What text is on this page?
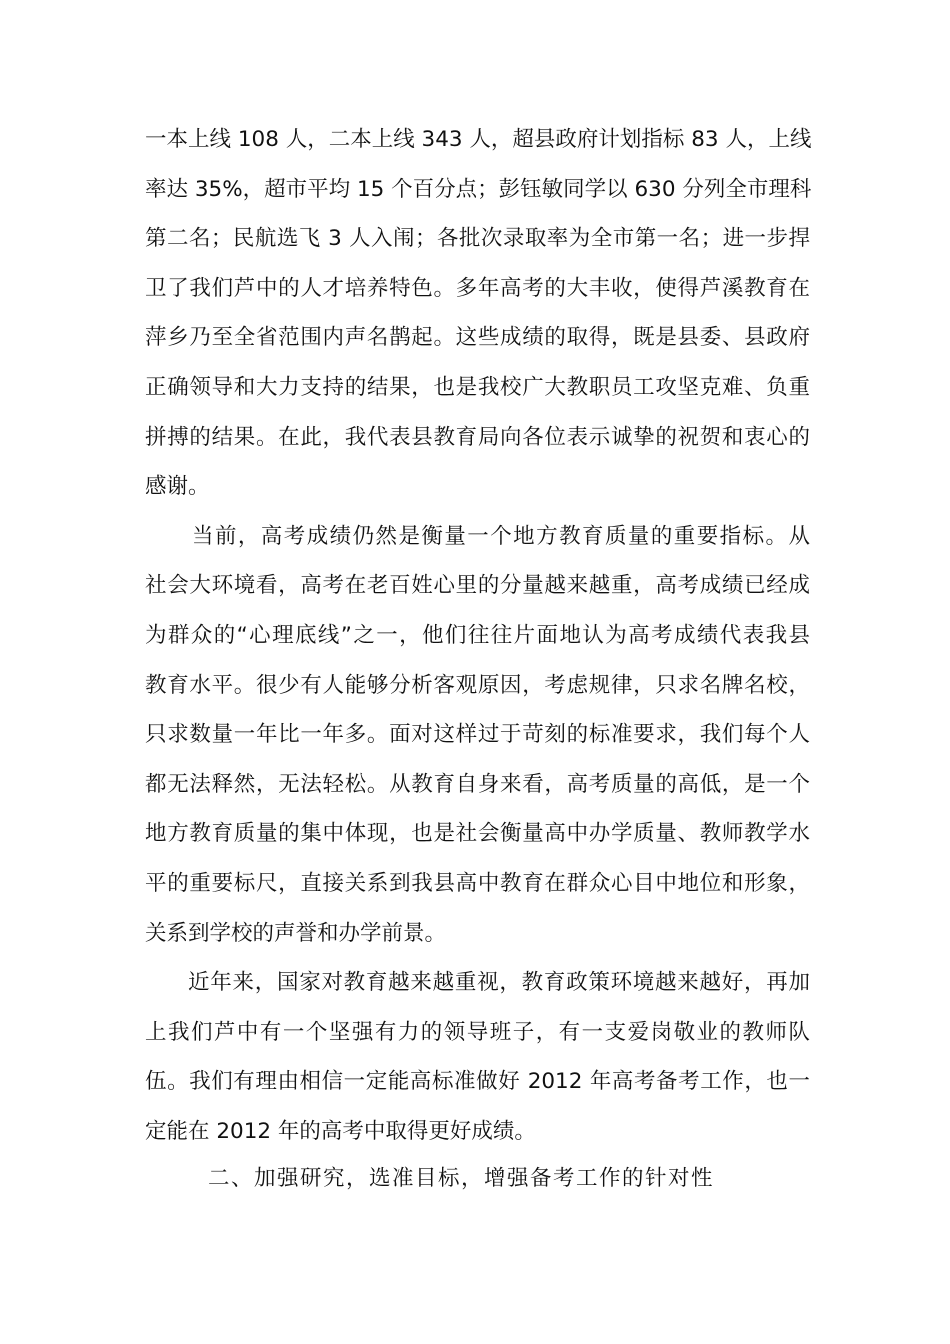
一本上线 108 人，二本上线 343 人，超县政府计划指标 83 人，上线
率达 35%，超市平均 15 个百分点；彭钰敏同学以 630 分列全市理科
第二名；民航选飞 3 人入闱；各批次录取率为全市第一名；进一步捍
卫了我们芦中的人才培养特色。多年高考的大丰收，使得芦溪教育在
萍乡乃至全省范围内声名鹊起。这些成绩的取得，既是县委、县政府
正确领导和大力支持的结果，也是我校广大教职员工攻坚克难、负重
拼搏的结果。在此，我代表县教育局向各位表示诚挚的祝贺和衷心的
感谢。
当前，高考成绩仍然是衡量一个地方教育质量的重要指标。从
社会大环境看，高考在老百姓心里的分量越来越重，高考成绩已经成
为群众的“心理底线”之一，他们往往片面地认为高考成绩代表我县
教育水平。很少有人能够分析客观原因，考虑规律，只求名牌名校，
只求数量一年比一年多。面对这样过于苛刻的标准要求，我们每个人
都无法释然，无法轻松。从教育自身来看，高考质量的高低，是一个
地方教育质量的集中体现，也是社会衡量高中办学质量、教师教学水
平的重要标尺，直接关系到我县高中教育在群众心目中地位和形象，
关系到学校的声誉和办学前景。
近年来，国家对教育越来越重视，教育政策环境越来越好，再加
上我们芦中有一个坚强有力的领导班子，有一支爱岗敬业的教师队
伍。我们有理由相信一定能高标准做好 2012 年高考备考工作，也一
定能在 2012 年的高考中取得更好成绩。
二、加强研究，选准目标，增强备考工作的针对性
